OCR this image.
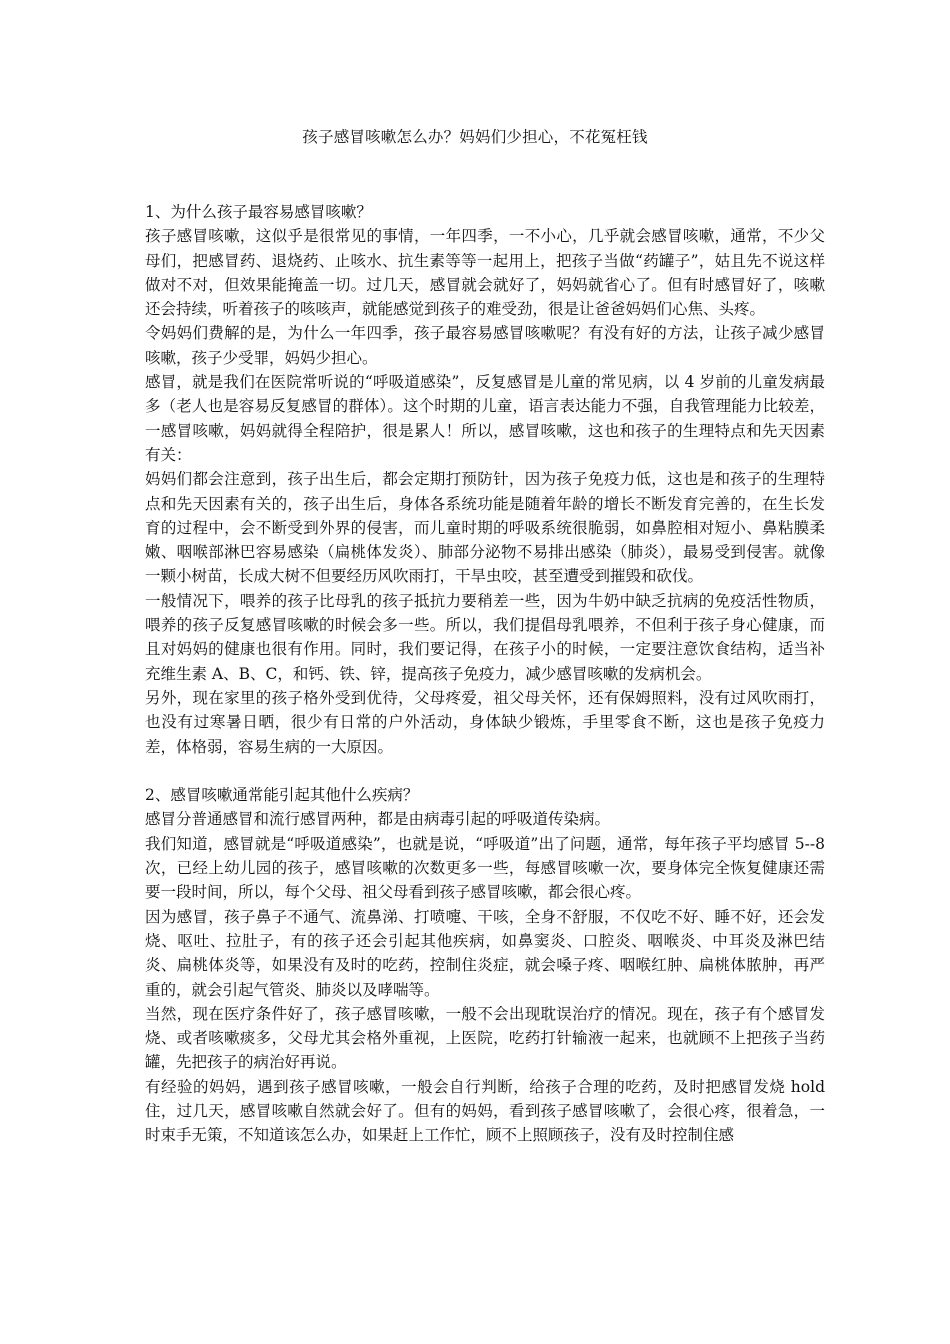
孩子感冒咳嗽怎么办？妈妈们少担心，不花冤枉钱

1、为什么孩子最容易感冒咳嗽？

孩子感冒咳嗽，这似乎是很常见的事情，一年四季，一不小心，几乎就会感冒咳嗽，通常，不少父母们，把感冒药、退烧药、止咳水、抗生素等等一起用上，把孩子当做“药罐子”，姑且先不说这样做对不对，但效果能掩盖一切。过几天，感冒就会就好了，妈妈就省心了。但有时感冒好了，咳嗽还会持续，听着孩子的咳咳声，就能感觉到孩子的难受劲，很是让爸爸妈妈们心焦、头疼。

令妈妈们费解的是，为什么一年四季，孩子最容易感冒咳嗽呢？有没有好的方法，让孩子减少感冒咳嗽，孩子少受罪，妈妈少担心。

感冒，就是我们在医院常听说的“呼吸道感染”，反复感冒是儿童的常见病，以 4 岁前的儿童发病最多（老人也是容易反复感冒的群体）。这个时期的儿童，语言表达能力不强，自我管理能力比较差，一感冒咳嗽，妈妈就得全程陪护，很是累人！所以，感冒咳嗽，这也和孩子的生理特点和先天因素有关：

妈妈们都会注意到，孩子出生后，都会定期打预防针，因为孩子免疫力低，这也是和孩子的生理特点和先天因素有关的，孩子出生后，身体各系统功能是随着年龄的增长不断发育完善的，在生长发育的过程中，会不断受到外界的侵害，而儿童时期的呼吸系统很脆弱，如鼻腔相对短小、鼻粘膜柔嫩、咽喉部淋巴容易感染（扁桃体发炎）、肺部分泌物不易排出感染（肺炎），最易受到侵害。就像一颗小树苗，长成大树不但要经历风吹雨打，干旱虫咬，甚至遭受到摧毁和砍伐。

一般情况下，喂养的孩子比母乳的孩子抵抗力要稍差一些，因为牛奶中缺乏抗病的免疫活性物质，喂养的孩子反复感冒咳嗽的时候会多一些。所以，我们提倡母乳喂养，不但利于孩子身心健康，而且对妈妈的健康也很有作用。同时，我们要记得，在孩子小的时候，一定要注意饮食结构，适当补充维生素 A、B、C，和钙、铁、锌，提高孩子免疫力，减少感冒咳嗽的发病机会。

另外，现在家里的孩子格外受到优待，父母疼爱，祖父母关怀，还有保姆照料，没有过风吹雨打，也没有过寒暑日晒，很少有日常的户外活动，身体缺少锻炼，手里零食不断，这也是孩子免疫力差，体格弱，容易生病的一大原因。

2、感冒咳嗽通常能引起其他什么疾病？

感冒分普通感冒和流行感冒两种，都是由病毒引起的呼吸道传染病。

我们知道，感冒就是“呼吸道感染”，也就是说，“呼吸道”出了问题，通常，每年孩子平均感冒 5--8 次，已经上幼儿园的孩子，感冒咳嗽的次数更多一些，每感冒咳嗽一次，要身体完全恢复健康还需要一段时间，所以，每个父母、祖父母看到孩子感冒咳嗽，都会很心疼。

因为感冒，孩子鼻子不通气、流鼻涕、打喷嚏、干咳，全身不舒服，不仅吃不好、睡不好，还会发烧、呕吐、拉肚子，有的孩子还会引起其他疾病，如鼻窦炎、口腔炎、咽喉炎、中耳炎及淋巴结炎、扁桃体炎等，如果没有及时的吃药，控制住炎症，就会嗓子疼、咽喉红肿、扁桃体脓肿，再严重的，就会引起气管炎、肺炎以及哮喘等。

当然，现在医疗条件好了，孩子感冒咳嗽，一般不会出现耽误治疗的情况。现在，孩子有个感冒发烧、或者咳嗽痰多，父母尤其会格外重视，上医院，吃药打针输液一起来，也就顾不上把孩子当药罐，先把孩子的病治好再说。

有经验的妈妈，遇到孩子感冒咳嗽，一般会自行判断，给孩子合理的吃药，及时把感冒发烧 hold 住，过几天，感冒咳嗽自然就会好了。但有的妈妈，看到孩子感冒咳嗽了，会很心疼，很着急，一时束手无策，不知道该怎么办，如果赶上工作忙，顾不上照顾孩子，没有及时控制住感
